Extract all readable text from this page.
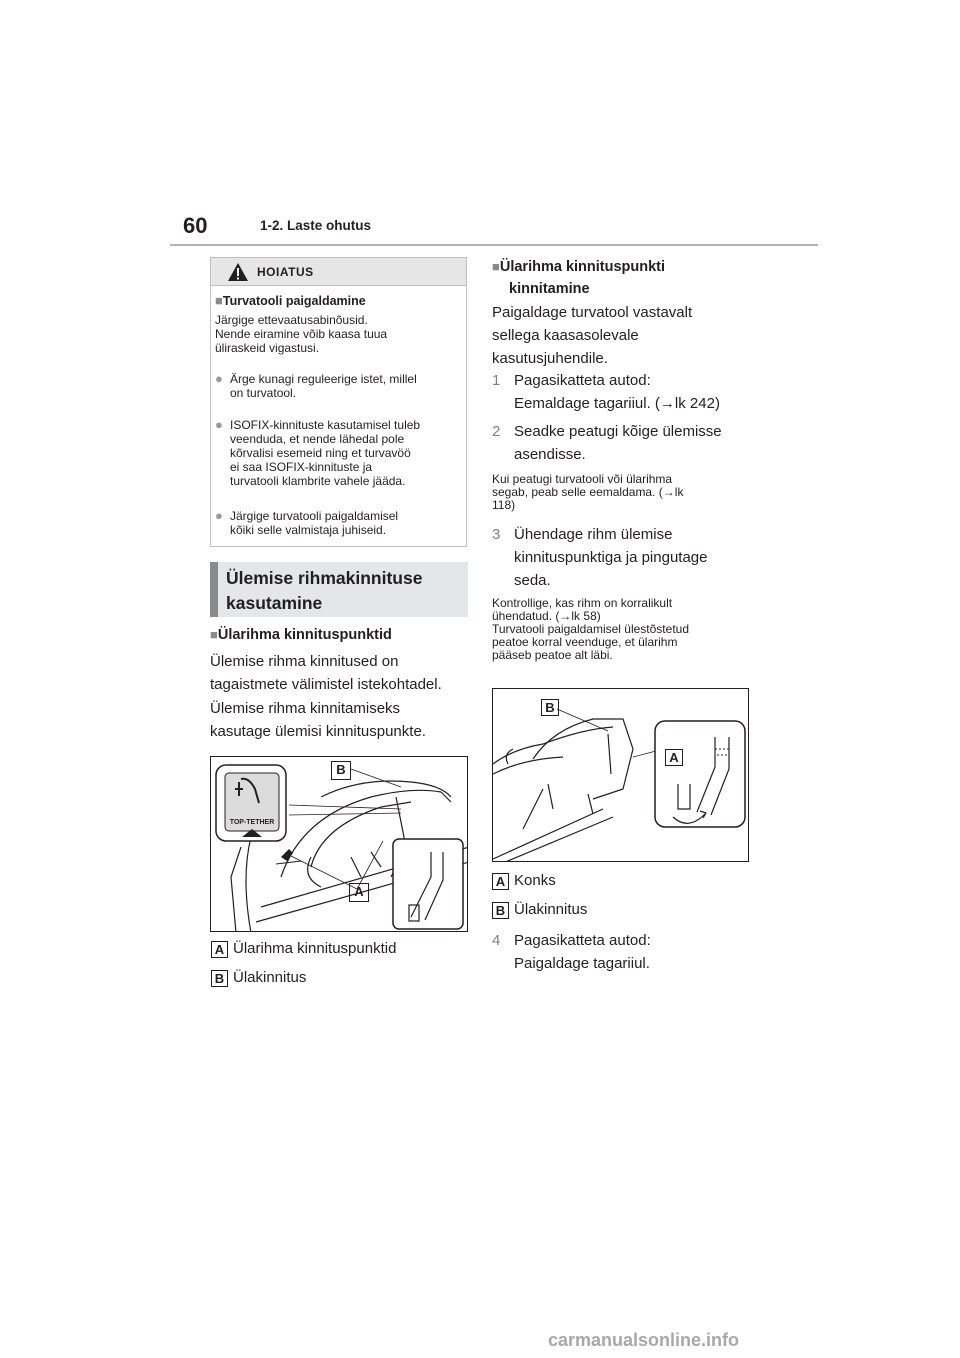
60	1-2. Laste ohutus
HOIATUS
■Turvatooli paigaldamine
Järgige ettevaatusabinõusid.
Nende eiramine võib kaasa tuua
üliraskeid vigastusi.
● Ärge kunagi reguleerige istet, millel
on turvatool.
● ISOFIX-kinnituste kasutamisel tuleb
veenduda, et nende lähedal pole
kõrvalisi esemeid ning et turvavöö
ei saa ISOFIX-kinnituste ja
turvatooli klambrite vahele jääda.
● Järgige turvatooli paigaldamisel
kõiki selle valmistaja juhiseid.
Ülemise rihmakinnituse
kasutamine
■Ülarihma kinnituspunktid
Ülemise rihma kinnitused on
tagaistmete välimistel istekohtadel.
Ülemise rihma kinnitamiseks
kasutage ülemisi kinnituspunkte.
B
A
TOP-TETHER
A Ülarihma kinnituspunktid
B Ülakinnitus
■Ülarihma kinnituspunkti
kinnitamine
Paigaldage turvatool vastavalt
sellega kaasasolevale
kasutusjuhendile.
1 Pagasikatteta autod:
Eemaldage tagariiul. (→lk 242)
2 Seadke peatugi kõige ülemisse
asendisse.
Kui peatugi turvatooli või ülarihma
segab, peab selle eemaldama. (→lk
118)
3 Ühendage rihm ülemise
kinnituspunktiga ja pingutage
seda.
Kontrollige, kas rihm on korralikult
ühendatud. (→lk 58)
Turvatooli paigaldamisel ülestõstetud
peatoe korral veenduge, et ülarihm
pääseb peatoe alt läbi.
B
A
A Konks
B Ülakinnitus
4 Pagasikatteta autod:
Paigaldage tagariiul.
carmanualsonline.info
